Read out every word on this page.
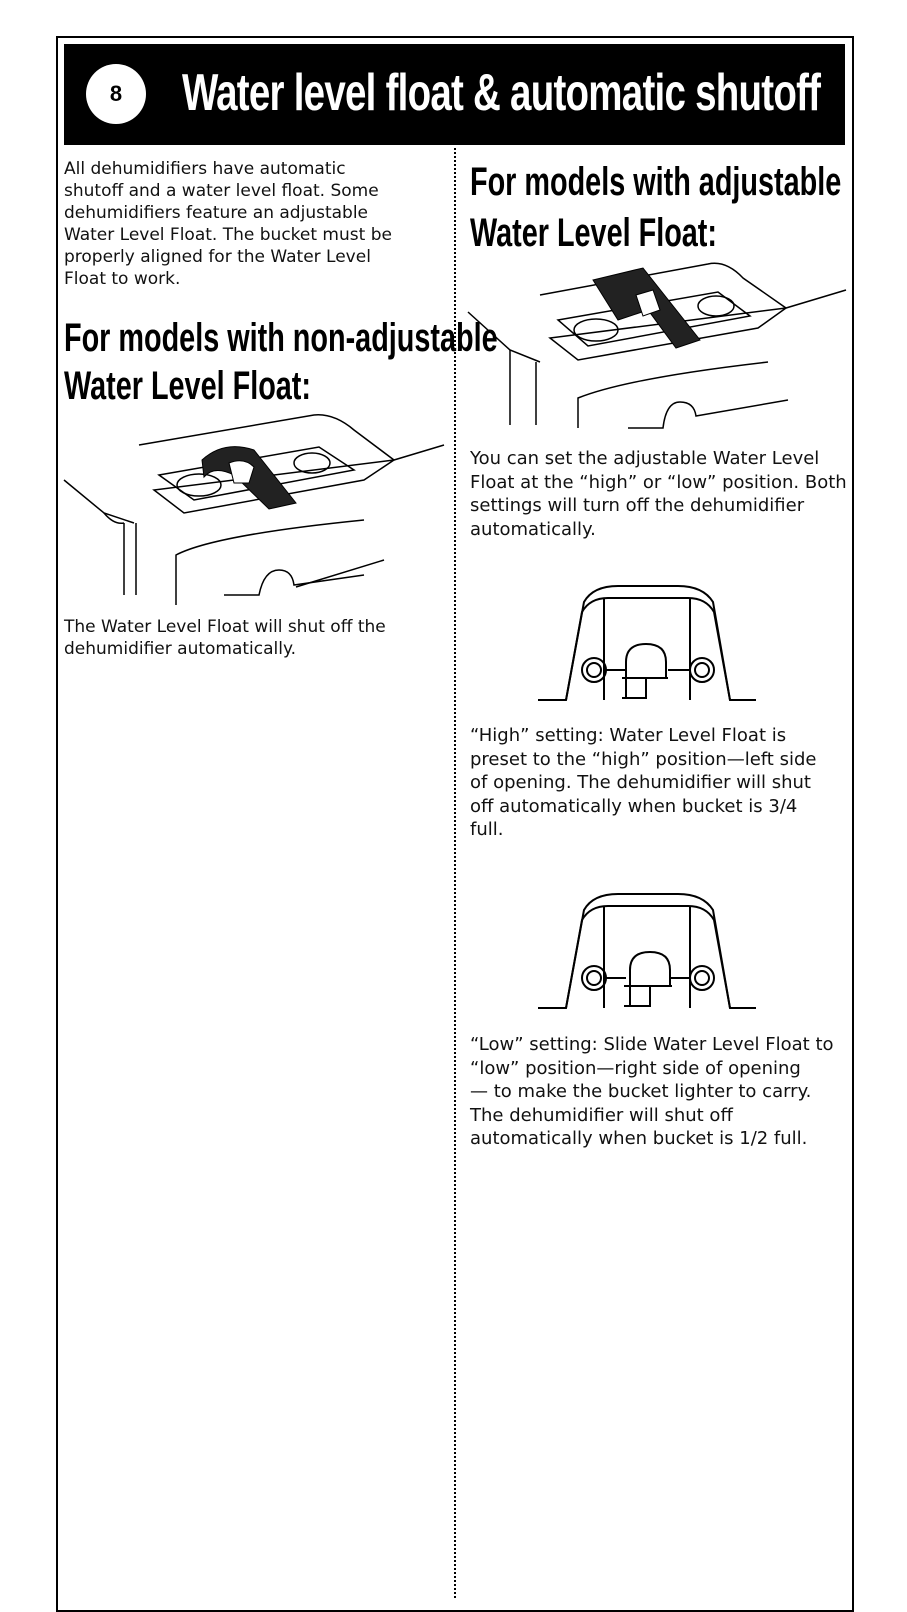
8	Water level float & automatic shutoff

All dehumidifiers have automatic
shutoff and a water level float. Some
dehumidifiers feature an adjustable
Water Level Float. The bucket must be
properly aligned for the Water Level
Float to work.

For models with non-adjustable
Water Level Float:

The Water Level Float will shut off the
dehumidifier automatically.

For models with adjustable
Water Level Float:

You can set the adjustable Water Level
Float at the “high” or “low” position. Both
settings will turn off the dehumidifier
automatically.

“High” setting: Water Level Float is
preset to the “high” position—left side
of opening. The dehumidifier will shut
off automatically when bucket is 3/4
full.

“Low” setting: Slide Water Level Float to
“low” position—right side of opening
— to make the bucket lighter to carry.
The dehumidifier will shut off
automatically when bucket is 1/2 full.
